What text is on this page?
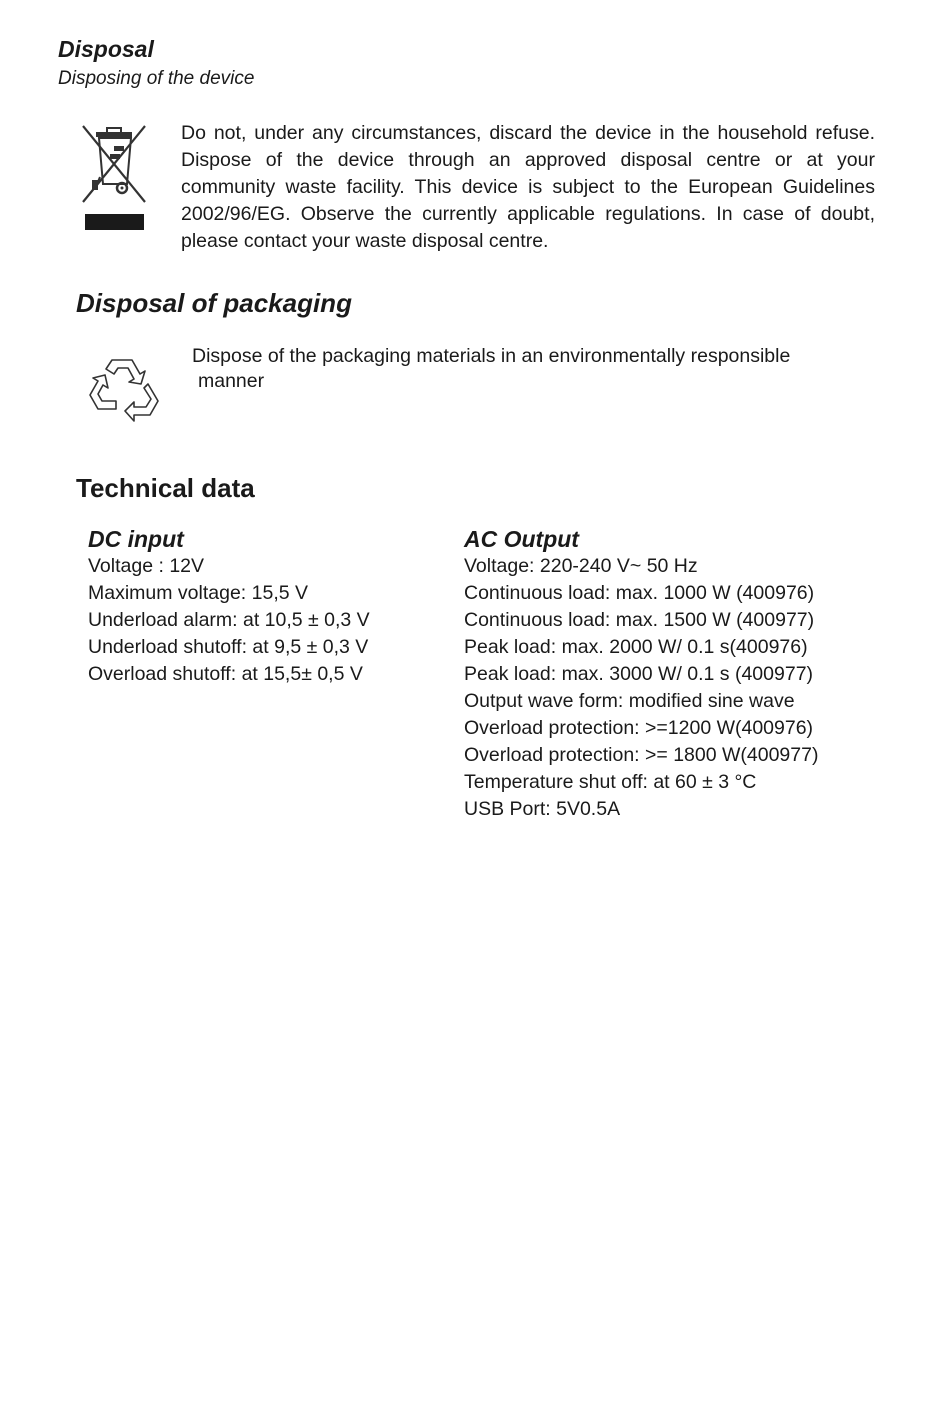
Disposal

Disposing of the device

Do not, under any circumstances, discard the device in the household refuse. Dispose of the device through an approved disposal centre or at your community waste facility. This device is subject to the European Guidelines 2002/96/EG. Observe the currently applicable regulations. In case of doubt, please contact your waste disposal centre.

Disposal of packaging

Dispose of the packaging materials in an environmentally responsible
manner

Technical data
DC input
Voltage : 12V
Maximum voltage: 15,5 V
Underload alarm: at 10,5 ± 0,3 V
Underload shutoff: at 9,5 ± 0,3 V
Overload shutoff: at 15,5± 0,5 V
AC Output
Voltage: 220-240 V~ 50 Hz
Continuous load: max. 1000 W (400976)
Continuous load: max. 1500 W (400977)
Peak load: max. 2000 W/ 0.1 s(400976)
Peak load: max. 3000 W/ 0.1 s (400977)
Output wave form: modified sine wave
Overload protection: >=1200 W(400976)
Overload protection: >= 1800 W(400977)
Temperature shut off: at 60 ± 3 °C
USB Port: 5V0.5A
